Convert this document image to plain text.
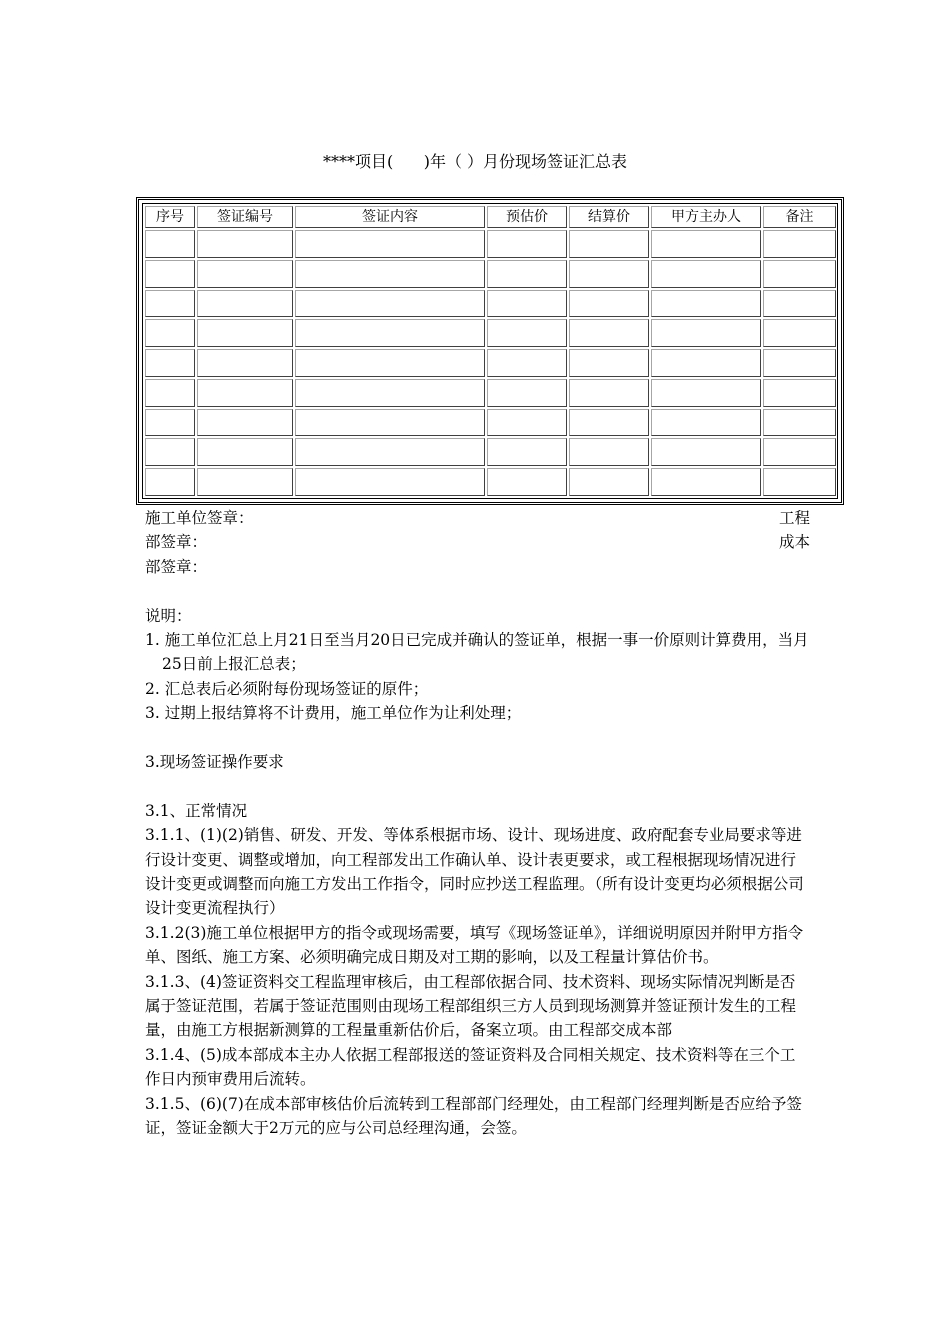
****项目(      )年（ ）月份现场签证汇总表
序号	签证编号	签证内容	预估价	结算价	甲方主办人	备注

施工单位签章：	工程
部签章：	成本
部签章：

说明：

1. 施工单位汇总上月21日至当月20日已完成并确认的签证单，根据一事一价原则计算费用，当月25日前上报汇总表；

2. 汇总表后必须附每份现场签证的原件；

3. 过期上报结算将不计费用，施工单位作为让利处理；

3.现场签证操作要求

3.1、正常情况

3.1.1、(1)(2)销售、研发、开发、等体系根据市场、设计、现场进度、政府配套专业局要求等进行设计变更、调整或增加，向工程部发出工作确认单、设计表更要求，或工程根据现场情况进行设计变更或调整而向施工方发出工作指令，同时应抄送工程监理。（所有设计变更均必须根据公司设计变更流程执行）

3.1.2(3)施工单位根据甲方的指令或现场需要，填写《现场签证单》，详细说明原因并附甲方指令单、图纸、施工方案、必须明确完成日期及对工期的影响，以及工程量计算估价书。

3.1.3、(4)签证资料交工程监理审核后，由工程部依据合同、技术资料、现场实际情况判断是否属于签证范围，若属于签证范围则由现场工程部组织三方人员到现场测算并签证预计发生的工程量，由施工方根据新测算的工程量重新估价后，备案立项。由工程部交成本部

3.1.4、(5)成本部成本主办人依据工程部报送的签证资料及合同相关规定、技术资料等在三个工作日内预审费用后流转。

3.1.5、(6)(7)在成本部审核估价后流转到工程部部门经理处，由工程部门经理判断是否应给予签证，签证金额大于2万元的应与公司总经理沟通，会签。
